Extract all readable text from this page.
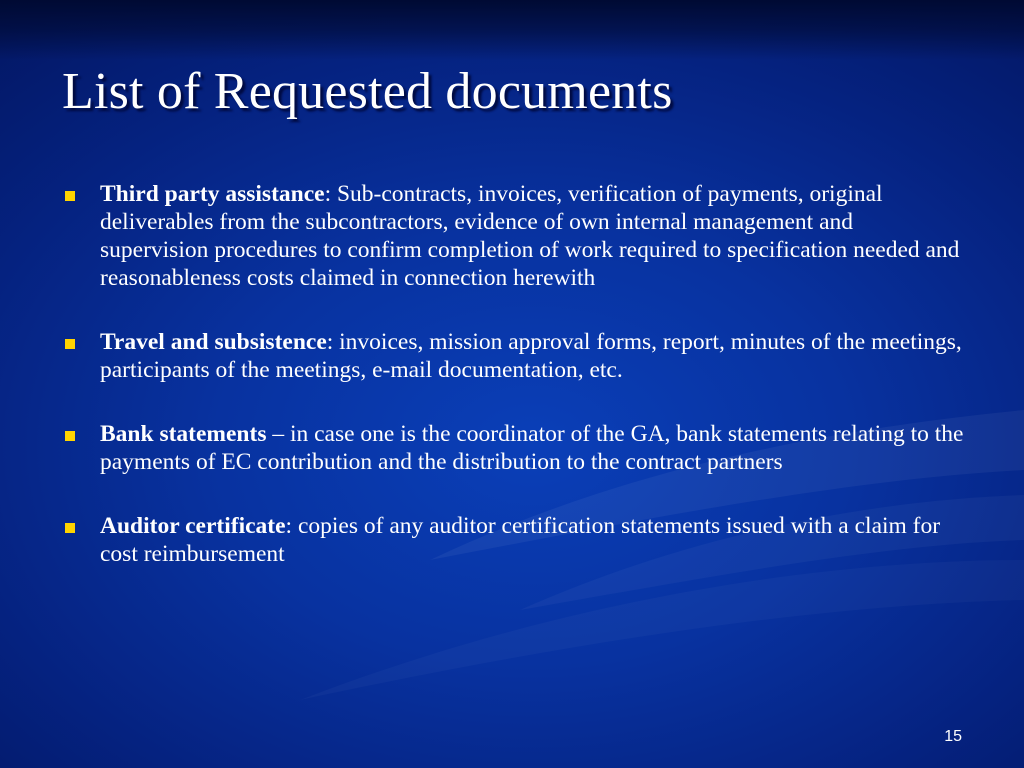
List of Requested documents
Third party assistance: Sub-contracts, invoices, verification of payments, original deliverables from the subcontractors, evidence of own internal management and supervision procedures to confirm completion of work required to specification needed and reasonableness costs claimed in connection herewith
Travel and subsistence: invoices, mission approval forms, report, minutes of the meetings, participants of the meetings, e-mail documentation, etc.
Bank statements – in case one is the coordinator of the GA, bank statements relating to the payments of EC contribution and the distribution to the contract partners
Auditor certificate: copies of any auditor certification statements issued with a claim for cost reimbursement
15
